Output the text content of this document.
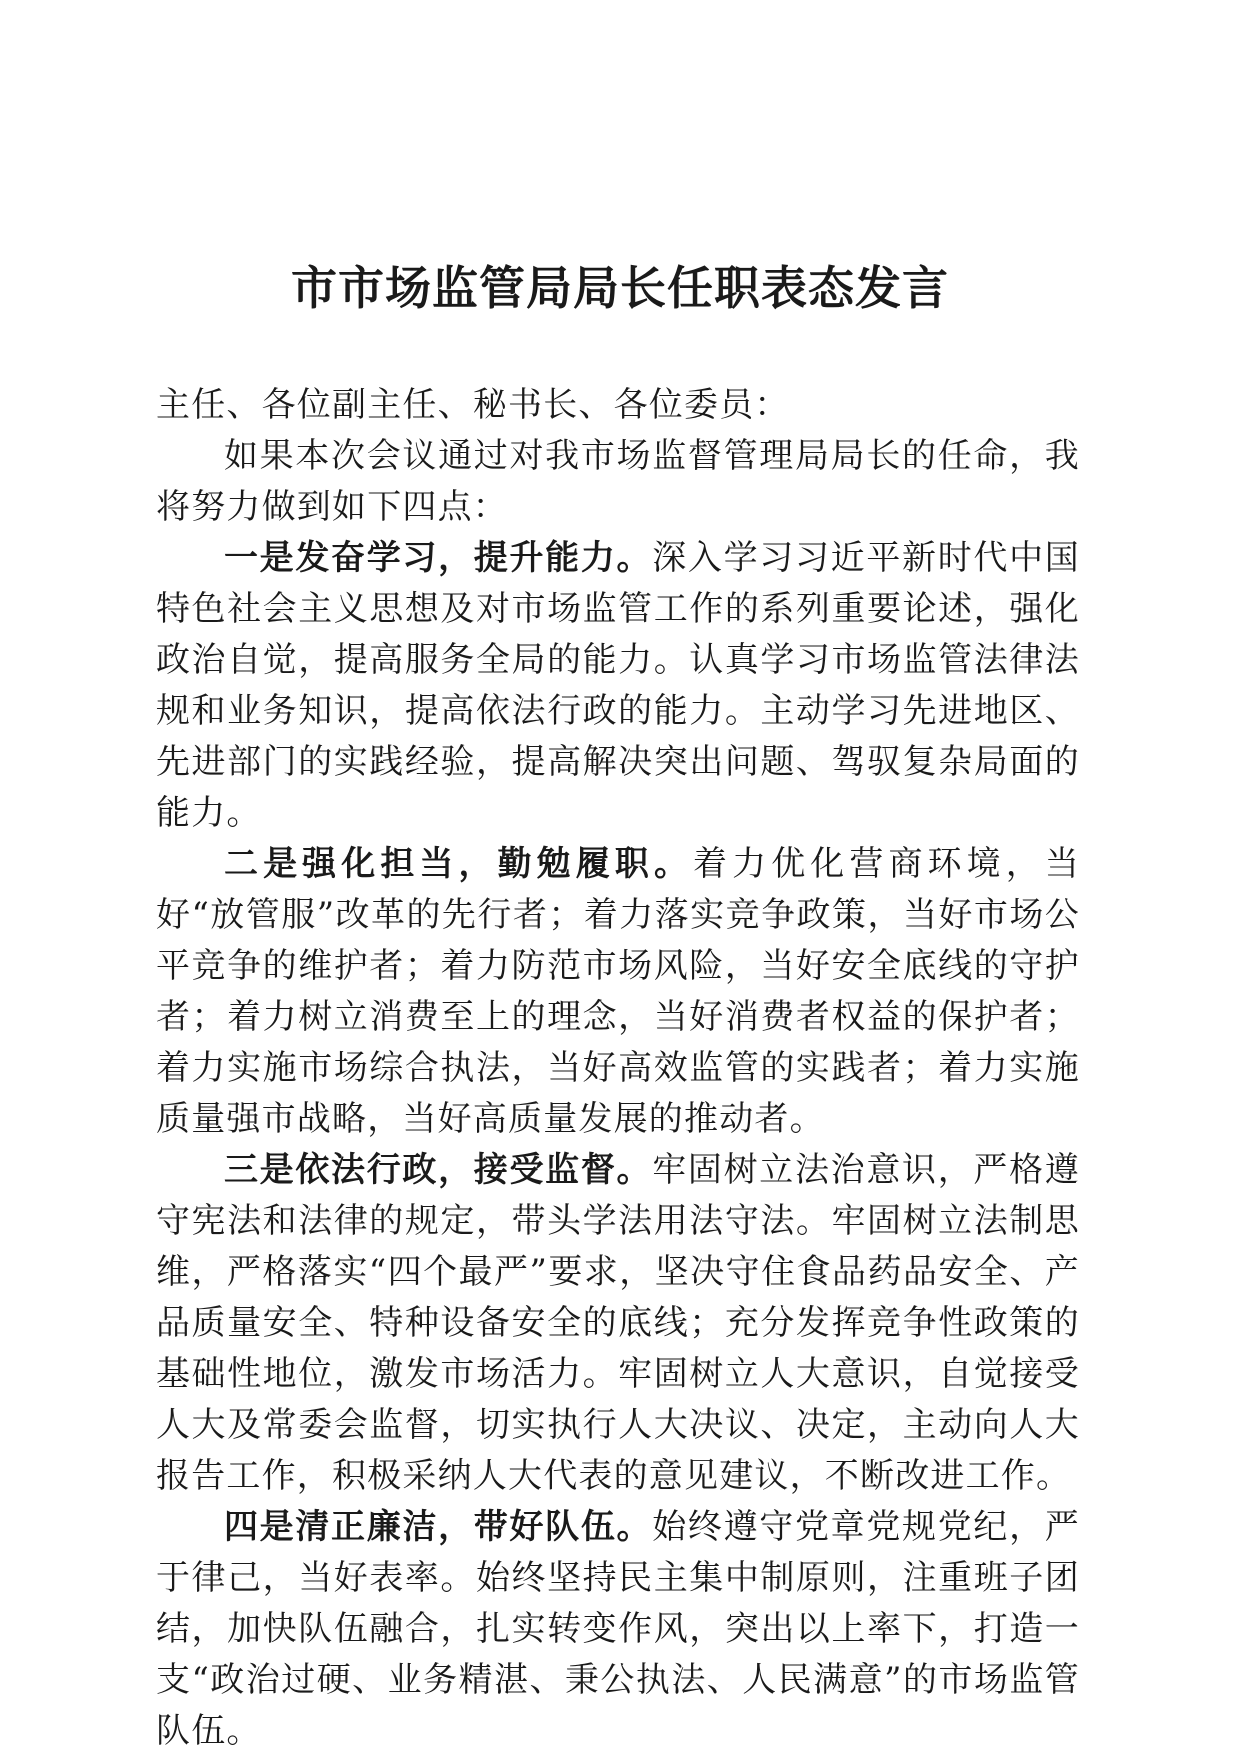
市市场监管局局长任职表态发言

主任、各位副主任、秘书长、各位委员：

如果本次会议通过对我市场监督管理局局长的任命，我将努力做到如下四点：

一是发奋学习，提升能力。深入学习习近平新时代中国特色社会主义思想及对市场监管工作的系列重要论述，强化政治自觉，提高服务全局的能力。认真学习市场监管法律法规和业务知识，提高依法行政的能力。主动学习先进地区、先进部门的实践经验，提高解决突出问题、驾驭复杂局面的能力。

二是强化担当，勤勉履职。着力优化营商环境，当好“放管服”改革的先行者；着力落实竞争政策，当好市场公平竞争的维护者；着力防范市场风险，当好安全底线的守护者；着力树立消费至上的理念，当好消费者权益的保护者；着力实施市场综合执法，当好高效监管的实践者；着力实施质量强市战略，当好高质量发展的推动者。

三是依法行政，接受监督。牢固树立法治意识，严格遵守宪法和法律的规定，带头学法用法守法。牢固树立法制思维，严格落实“四个最严”要求，坚决守住食品药品安全、产品质量安全、特种设备安全的底线；充分发挥竞争性政策的基础性地位，激发市场活力。牢固树立人大意识，自觉接受人大及常委会监督，切实执行人大决议、决定，主动向人大报告工作，积极采纳人大代表的意见建议，不断改进工作。

四是清正廉洁，带好队伍。始终遵守党章党规党纪，严于律己，当好表率。始终坚持民主集中制原则，注重班子团结，加快队伍融合，扎实转变作风，突出以上率下，打造一支“政治过硬、业务精湛、秉公执法、人民满意”的市场监管队伍。
